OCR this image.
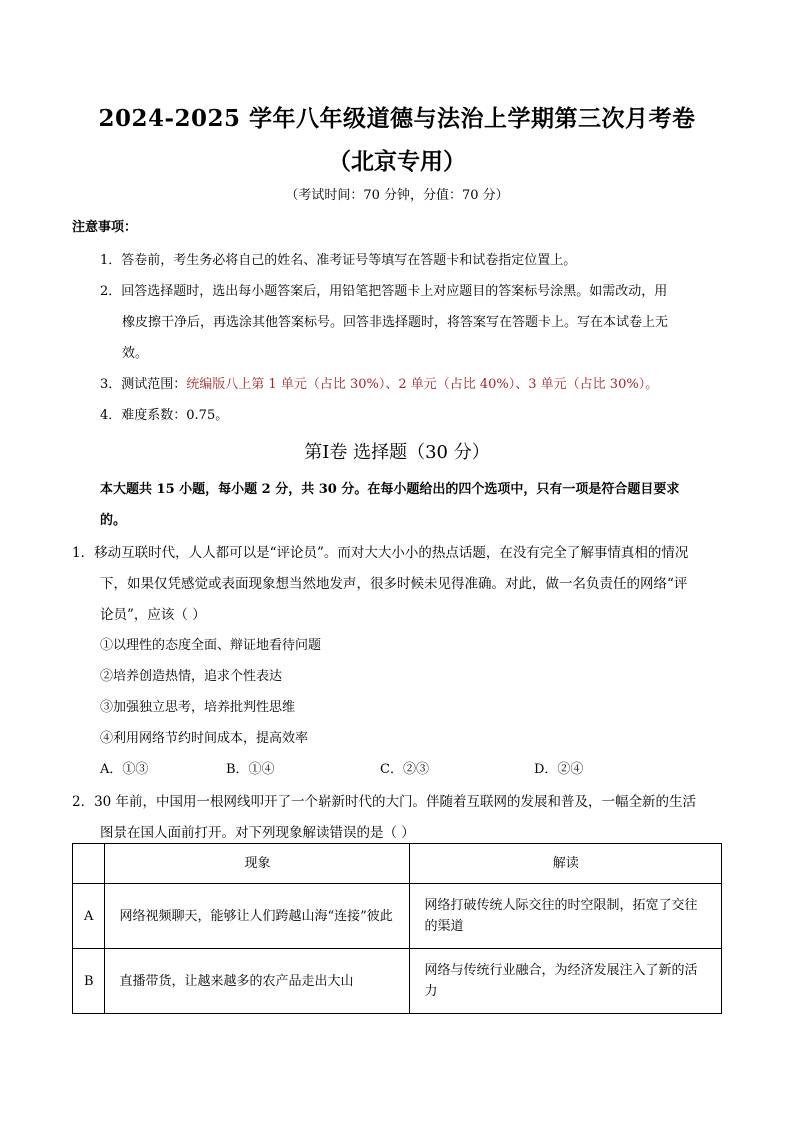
2024-2025 学年八年级道德与法治上学期第三次月考卷
（北京专用）
（考试时间：70 分钟，分值：70 分）
注意事项：
1．答卷前，考生务必将自己的姓名、准考证号等填写在答题卡和试卷指定位置上。
2．回答选择题时，选出每小题答案后，用铅笔把答题卡上对应题目的答案标号涂黑。如需改动，用
橡皮擦干净后，再选涂其他答案标号。回答非选择题时，将答案写在答题卡上。写在本试卷上无
效。
3．测试范围：统编版八上第 1 单元（占比 30%）、2 单元（占比 40%）、3 单元（占比 30%）。
4．难度系数：0.75。
第Ⅰ卷 选择题（30 分）
本大题共 15 小题，每小题 2 分，共 30 分。在每小题给出的四个选项中，只有一项是符合题目要求
的。
1．移动互联时代，人人都可以是“评论员”。而对大大小小的热点话题，在没有完全了解事情真相的情况
下，如果仅凭感觉或表面现象想当然地发声，很多时候未见得准确。对此，做一名负责任的网络“评
论员”，应该（ ）
①以理性的态度全面、辩证地看待问题
②培养创造热情，追求个性表达
③加强独立思考，培养批判性思维
④利用网络节约时间成本，提高效率
A．①③	B．①④	C．②③	D．②④
2．30 年前，中国用一根网线叩开了一个崭新时代的大门。伴随着互联网的发展和普及，一幅全新的生活
图景在国人面前打开。对下列现象解读错误的是（ ）
	现象	解读
A	网络视频聊天，能够让人们跨越山海“连接”彼此	网络打破传统人际交往的时空限制，拓宽了交往的渠道
B	直播带货，让越来越多的农产品走出大山	网络与传统行业融合，为经济发展注入了新的活力
